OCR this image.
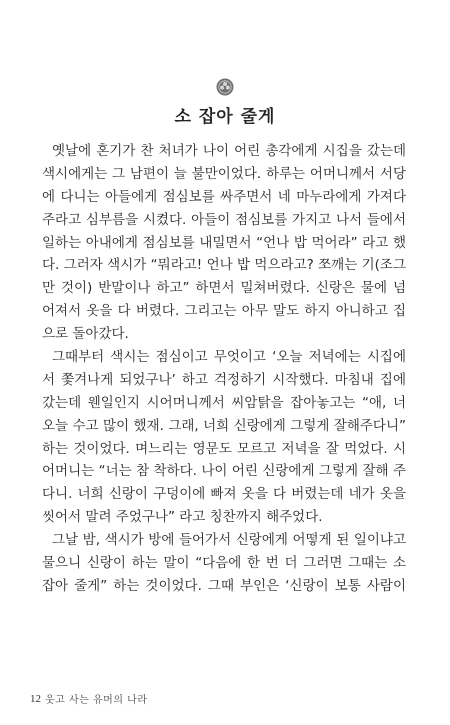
소 잡아 줄게
옛날에 혼기가 찬 처녀가 나이 어린 총각에게 시집을 갔는데
색시에게는 그 남편이 늘 불만이었다. 하루는 어머니께서 서당
에 다니는 아들에게 점심보를 싸주면서 네 마누라에게 가져다
주라고 심부름을 시켰다. 아들이 점심보를 가지고 나서 들에서
일하는 아내에게 점심보를 내밀면서 “언나 밥 먹어라” 라고 했
다. 그러자 색시가 “뭐라고! 언나 밥 먹으라고? 쪼깨는 기(조그
만 것이) 반말이나 하고” 하면서 밀쳐버렸다. 신랑은 물에 넘
어져서 옷을 다 버렸다. 그리고는 아무 말도 하지 아니하고 집
으로 돌아갔다.
그때부터 색시는 점심이고 무엇이고 ‘오늘 저녁에는 시집에
서 쫓겨나게 되었구나’ 하고 걱정하기 시작했다. 마침내 집에
갔는데 웬일인지 시어머니께서 씨암탉을 잡아놓고는 “애, 너
오늘 수고 많이 했재. 그래, 너희 신랑에게 그렇게 잘해주다니”
하는 것이었다. 며느리는 영문도 모르고 저녁을 잘 먹었다. 시
어머니는 “너는 참 착하다. 나이 어린 신랑에게 그렇게 잘해 주
다니. 너희 신랑이 구덩이에 빠져 옷을 다 버렸는데 네가 옷을
씻어서 말려 주었구나” 라고 칭찬까지 해주었다.
그날 밤, 색시가 방에 들어가서 신랑에게 어떻게 된 일이냐고
물으니 신랑이 하는 말이 “다음에 한 번 더 그러면 그때는 소
잡아 줄게” 하는 것이었다. 그때 부인은 ‘신랑이 보통 사람이
12 웃고 사는 유머의 나라
